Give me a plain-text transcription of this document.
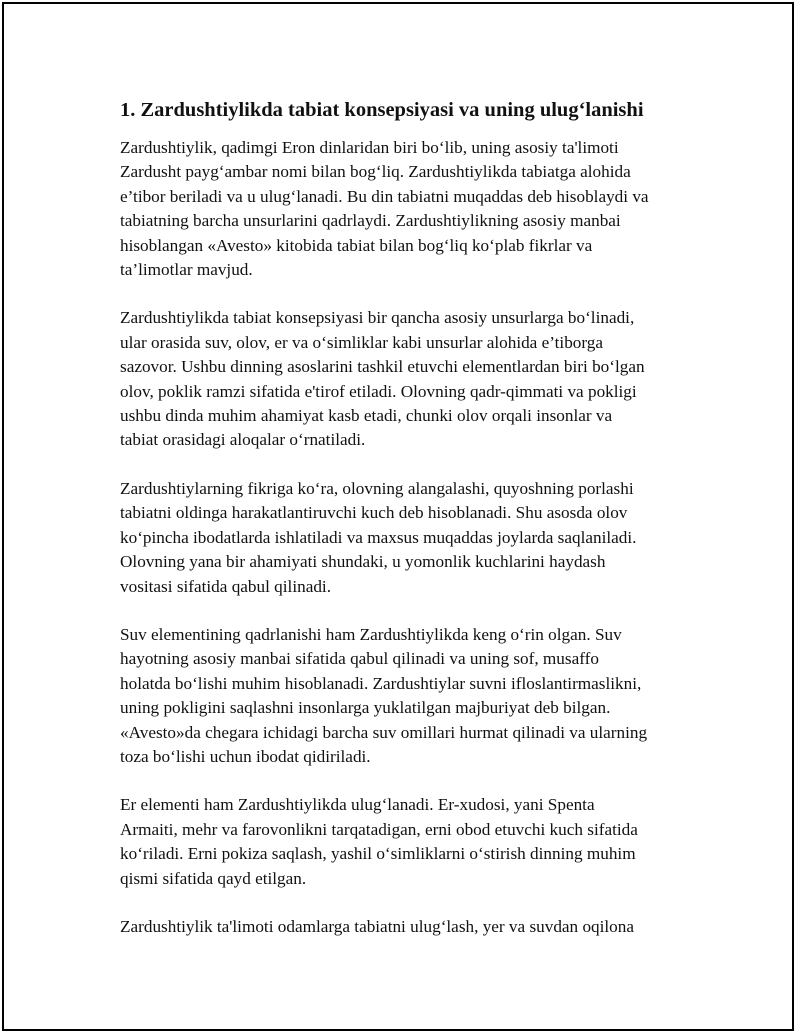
1. Zardushtiylikda tabiat konsepsiyasi va uning ulug‘lanishi

Zardushtiylik, qadimgi Eron dinlaridan biri bo‘lib, uning asosiy ta'limoti
Zardusht payg‘ambar nomi bilan bog‘liq. Zardushtiylikda tabiatga alohida
e’tibor beriladi va u ulug‘lanadi. Bu din tabiatni muqaddas deb hisoblaydi va
tabiatning barcha unsurlarini qadrlaydi. Zardushtiylikning asosiy manbai
hisoblangan «Avesto» kitobida tabiat bilan bog‘liq ko‘plab fikrlar va
ta’limotlar mavjud.

Zardushtiylikda tabiat konsepsiyasi bir qancha asosiy unsurlarga bo‘linadi,
ular orasida suv, olov, er va o‘simliklar kabi unsurlar alohida e’tiborga
sazovor. Ushbu dinning asoslarini tashkil etuvchi elementlardan biri bo‘lgan
olov, poklik ramzi sifatida e'tirof etiladi. Olovning qadr-qimmati va pokligi
ushbu dinda muhim ahamiyat kasb etadi, chunki olov orqali insonlar va
tabiat orasidagi aloqalar o‘rnatiladi.

Zardushtiylarning fikriga ko‘ra, olovning alangalashi, quyoshning porlashi
tabiatni oldinga harakatlantiruvchi kuch deb hisoblanadi. Shu asosda olov
ko‘pincha ibodatlarda ishlatiladi va maxsus muqaddas joylarda saqlaniladi.
Olovning yana bir ahamiyati shundaki, u yomonlik kuchlarini haydash
vositasi sifatida qabul qilinadi.

Suv elementining qadrlanishi ham Zardushtiylikda keng o‘rin olgan. Suv
hayotning asosiy manbai sifatida qabul qilinadi va uning sof, musaffo
holatda bo‘lishi muhim hisoblanadi. Zardushtiylar suvni ifloslantirmaslikni,
uning pokligini saqlashni insonlarga yuklatilgan majburiyat deb bilgan.
«Avesto»da chegara ichidagi barcha suv omillari hurmat qilinadi va ularning
toza bo‘lishi uchun ibodat qidiriladi.

Er elementi ham Zardushtiylikda ulug‘lanadi. Er-xudosi, yani Spenta
Armaiti, mehr va farovonlikni tarqatadigan, erni obod etuvchi kuch sifatida
ko‘riladi. Erni pokiza saqlash, yashil o‘simliklarni o‘stirish dinning muhim
qismi sifatida qayd etilgan.

Zardushtiylik ta'limoti odamlarga tabiatni ulug‘lash, yer va suvdan oqilona
